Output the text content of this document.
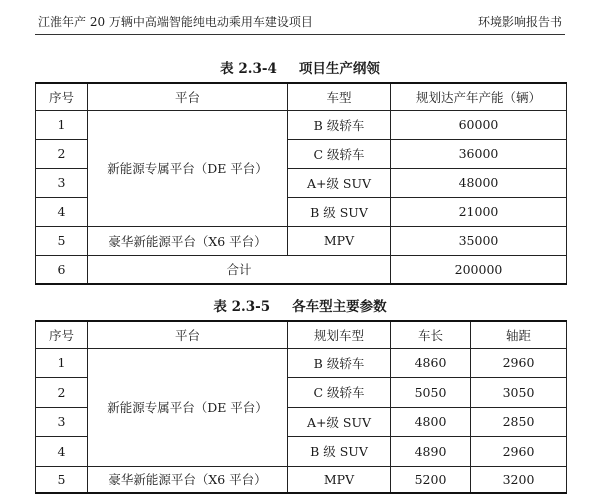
江淮年产 20 万辆中高端智能纯电动乘用车建设项目	环境影响报告书
表 2.3-4 项目生产纲领
序号	平台	车型	规划达产年产能（辆）
1	新能源专属平台（DE 平台）	B 级轿车	60000
2		C 级轿车	36000
3		A+级 SUV	48000
4		B 级 SUV	21000
5	豪华新能源平台（X6 平台）	MPV	35000
6	合计		200000
表 2.3-5 各车型主要参数
序号	平台	规划车型	车长	轴距
1	新能源专属平台（DE 平台）	B 级轿车	4860	2960
2		C 级轿车	5050	3050
3		A+级 SUV	4800	2850
4		B 级 SUV	4890	2960
5	豪华新能源平台（X6 平台）	MPV	5200	3200
